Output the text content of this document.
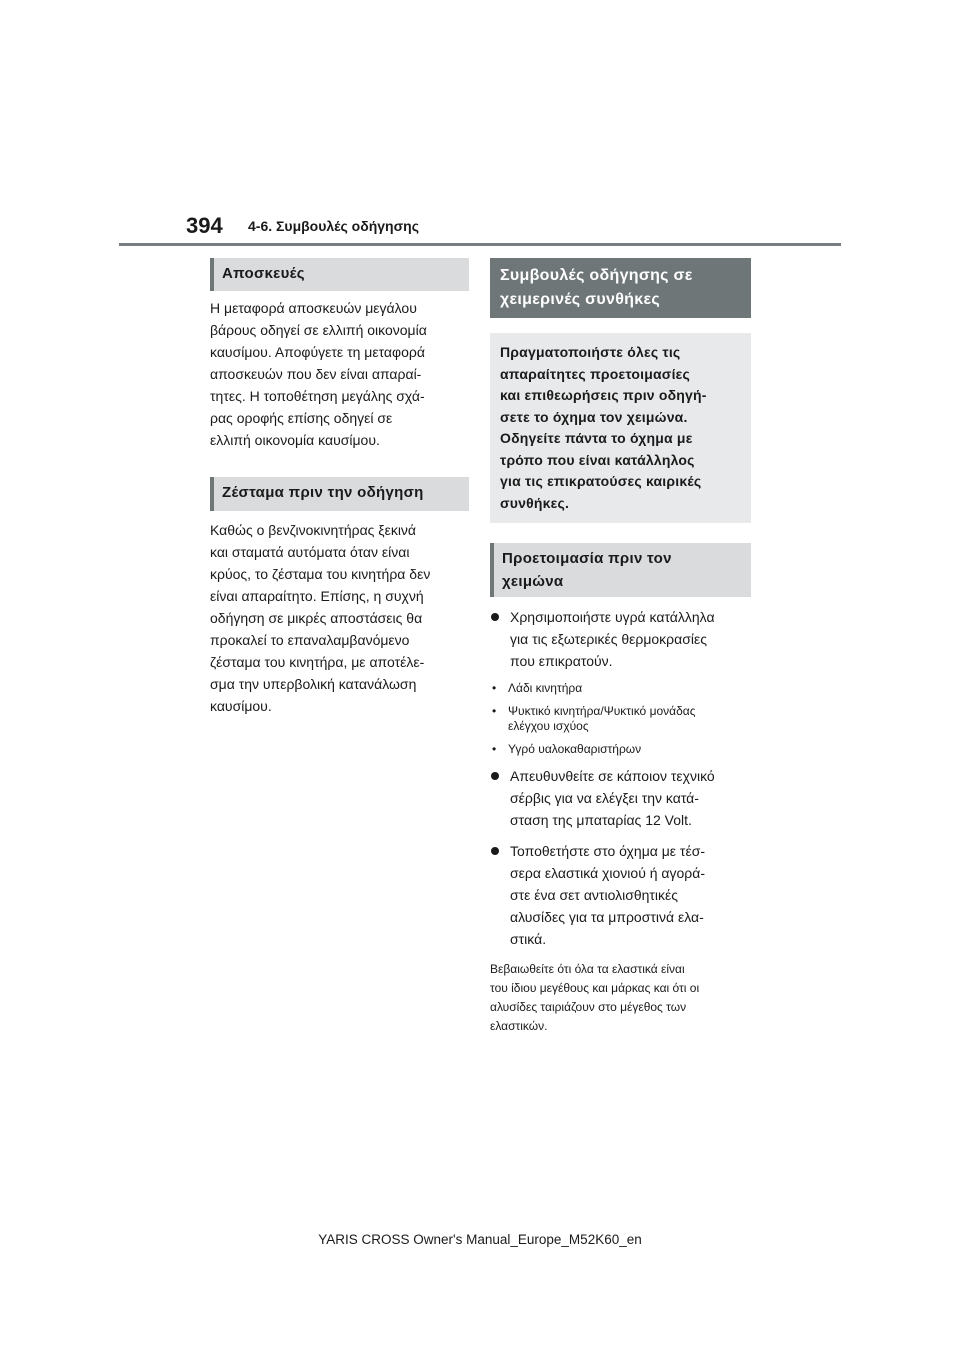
394 4-6. Συμβουλές οδήγησης
Αποσκευές

Η μεταφορά αποσκευών μεγάλου

βάρους οδηγεί σε ελλιπή οικονομία

καυσίμου. Αποφύγετε τη μεταφορά

αποσκευών που δεν είναι απαραί-

τητες. Η τοποθέτηση μεγάλης σχά-

ρας οροφής επίσης οδηγεί σε

ελλιπή οικονομία καυσίμου.

Ζέσταμα πριν την οδήγηση

Καθώς ο βενζινοκινητήρας ξεκινά

και σταματά αυτόματα όταν είναι

κρύος, το ζέσταμα του κινητήρα δεν

είναι απαραίτητο. Επίσης, η συχνή

οδήγηση σε μικρές αποστάσεις θα

προκαλεί το επαναλαμβανόμενο

ζέσταμα του κινητήρα, με αποτέλε-

σμα την υπερβολική κατανάλωση

καυσίμου.

Συμβουλές οδήγησης σε
χειμερινές συνθήκες
Πραγματοποιήστε όλες τις
απαραίτητες προετοιμασίες
και επιθεωρήσεις πριν οδηγή-
σετε το όχημα τον χειμώνα.
Οδηγείτε πάντα το όχημα με
τρόπο που είναι κατάλληλος
για τις επικρατούσες καιρικές
συνθήκες.
Προετοιμασία πριν τον
χειμώνα
Χρησιμοποιήστε υγρά κατάλληλα
για τις εξωτερικές θερμοκρασίες
που επικρατούν.
• Λάδι κινητήρα
• Ψυκτικό κινητήρα/Ψυκτικό μονάδας
ελέγχου ισχύος
• Υγρό υαλοκαθαριστήρων
Απευθυνθείτε σε κάποιον τεχνικό
σέρβις για να ελέγξει την κατά-
σταση της μπαταρίας 12 Volt.
Τοποθετήστε στο όχημα με τέσ-
σερα ελαστικά χιονιού ή αγορά-
στε ένα σετ αντιολισθητικές
αλυσίδες για τα μπροστινά ελα-
στικά.

Βεβαιωθείτε ότι όλα τα ελαστικά είναι

του ίδιου μεγέθους και μάρκας και ότι οι

αλυσίδες ταιριάζουν στο μέγεθος των

ελαστικών.

YARIS CROSS Owner's Manual_Europe_M52K60_en
